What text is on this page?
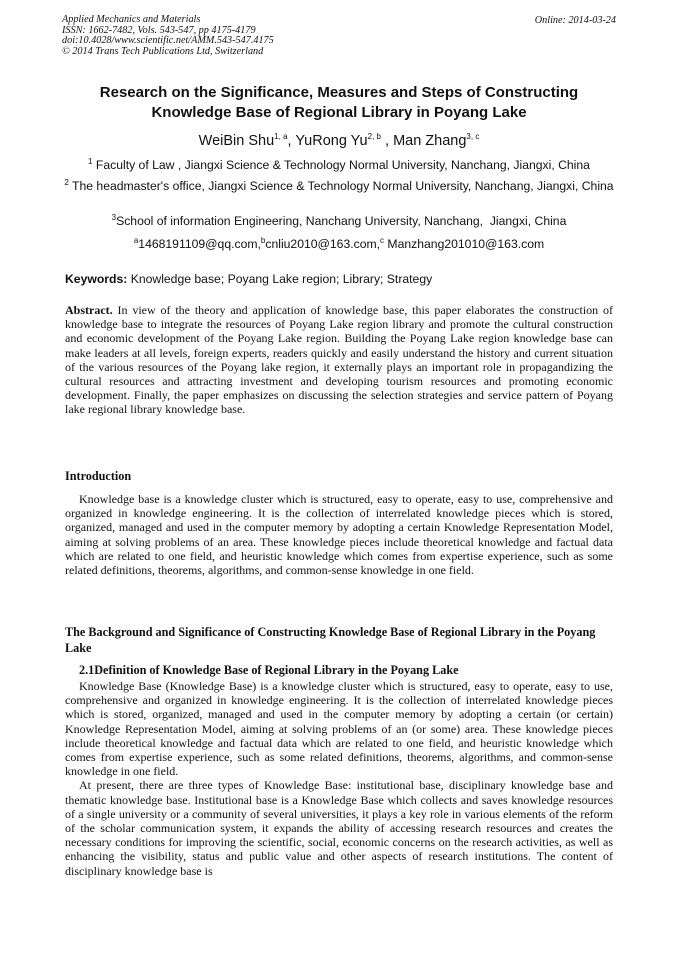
Applied Mechanics and Materials
ISSN: 1662-7482, Vols. 543-547, pp 4175-4179
doi:10.4028/www.scientific.net/AMM.543-547.4175
© 2014 Trans Tech Publications Ltd, Switzerland
Online: 2014-03-24
Research on the Significance, Measures and Steps of Constructing
Knowledge Base of Regional Library in Poyang Lake
WeiBin Shu$^{1, a}$, YuRong Yu$^{2, b}$ , Man Zhang$^{3, c}$
$^1$ Faculty of Law , Jiangxi Science & Technology Normal University, Nanchang, Jiangxi, China
$^2$ The headmaster's office, Jiangxi Science & Technology Normal University, Nanchang, Jiangxi, China
$^3$School of information Engineering, Nanchang University, Nanchang,  Jiangxi, China
$^a$1468191109@qq.com,$^b$cnliu2010@163.com,$^c$ Manzhang201010@163.com
Keywords: Knowledge base; Poyang Lake region; Library; Strategy

Abstract. In view of the theory and application of knowledge base, this paper elaborates the construction of knowledge base to integrate the resources of Poyang Lake region library and promote the cultural construction and economic development of the Poyang Lake region. Building the Poyang Lake region knowledge base can make leaders at all levels, foreign experts, readers quickly and easily understand the history and current situation of the various resources of the Poyang lake region, it externally plays an important role in propagandizing the cultural resources and attracting investment and developing tourism resources and promoting economic development. Finally, the paper emphasizes on discussing the selection strategies and service pattern of Poyang lake regional library knowledge base.

Introduction

Knowledge base is a knowledge cluster which is structured, easy to operate, easy to use, comprehensive and organized in knowledge engineering. It is the collection of interrelated knowledge pieces which is stored, organized, managed and used in the computer memory by adopting a certain Knowledge Representation Model, aiming at solving problems of an area. These knowledge pieces include theoretical knowledge and factual data which are related to one field, and heuristic knowledge which comes from expertise experience, such as some related definitions, theorems, algorithms, and common-sense knowledge in one field.

The Background and Significance of Constructing Knowledge Base of Regional Library in the Poyang Lake
2.1Definition of Knowledge Base of Regional Library in the Poyang Lake

Knowledge Base (Knowledge Base) is a knowledge cluster which is structured, easy to operate, easy to use, comprehensive and organized in knowledge engineering. It is the collection of interrelated knowledge pieces which is stored, organized, managed and used in the computer memory by adopting a certain (or certain) Knowledge Representation Model, aiming at solving problems of an (or some) area. These knowledge pieces include theoretical knowledge and factual data which are related to one field, and heuristic knowledge which comes from expertise experience, such as some related definitions, theorems, algorithms, and common-sense knowledge in one field.

At present, there are three types of Knowledge Base: institutional base, disciplinary knowledge base and thematic knowledge base. Institutional base is a Knowledge Base which collects and saves knowledge resources of a single university or a community of several universities, it plays a key role in various elements of the reform of the scholar communication system, it expands the ability of accessing research resources and creates the necessary conditions for improving the scientific, social, economic concerns on the research activities, as well as enhancing the visibility, status and public value and other aspects of research institutions. The content of disciplinary knowledge base is
